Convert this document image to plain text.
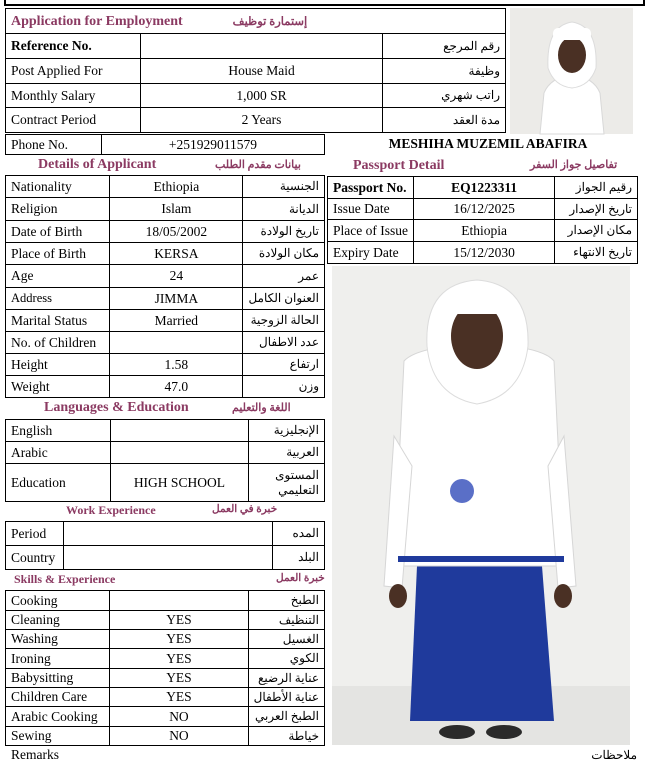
Application for Employment		إستمارة توظيف
Reference No.		رقم المرجع
Post Applied For	House Maid	وظيفة
Monthly Salary	1,000 SR	راتب شهري
Contract Period	2 Years	مدة العقد
Phone No.	+251929011579	MESHIHA MUZEMIL ABAFIRA
Details of Applicant	بيانات مقدم الطلب	Passport Detail	تفاصيل جواز السفر
Nationality	Ethiopia	الجنسية
Religion	Islam	الديانة
Date of Birth	18/05/2002	تاريخ الولادة
Place of Birth	KERSA	مكان الولادة
Age	24	عمر
Address	JIMMA	العنوان الكامل
Marital Status	Married	الحالة الزوجية
No. of Children		عدد الاطفال
Height	1.58	ارتفاع
Weight	47.0	وزن
Passport No.	EQ1223311	رقيم الجواز
Issue Date	16/12/2025	تاريخ الإصدار
Place of Issue	Ethiopia	مكان الإصدار
Expiry Date	15/12/2030	تاريخ الانتهاء
Languages & Education	اللغة والتعليم
English		الإنجليزية
Arabic		العربية
Education	HIGH SCHOOL	المستوى التعليمي
Work Experience	خبرة في العمل
Period		المده
Country		البلد
Skills & Experience	خبرة العمل
Cooking		الطبخ
Cleaning	YES	التنظيف
Washing	YES	الغسيل
Ironing	YES	الكوي
Babysitting	YES	عناية الرضيع
Children Care	YES	عناية الأطفال
Arabic Cooking	NO	الطبخ العربي
Sewing	NO	خياطة
Remarks	ملاحظات
